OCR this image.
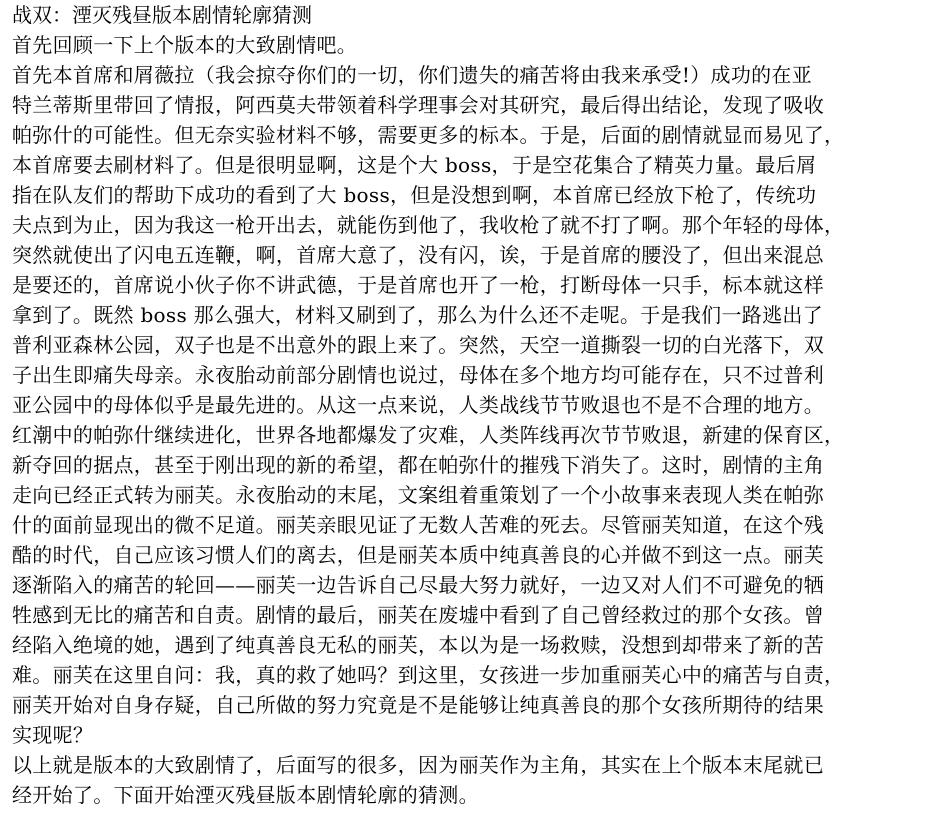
战双：湮灭残昼版本剧情轮廓猜测
首先回顾一下上个版本的大致剧情吧。
首先本首席和屑薇拉（我会掠夺你们的一切，你们遗失的痛苦将由我来承受!）成功的在亚
特兰蒂斯里带回了情报，阿西莫夫带领着科学理事会对其研究，最后得出结论，发现了吸收
帕弥什的可能性。但无奈实验材料不够，需要更多的标本。于是，后面的剧情就显而易见了，
本首席要去刷材料了。但是很明显啊，这是个大 boss，于是空花集合了精英力量。最后屑
指在队友们的帮助下成功的看到了大 boss，但是没想到啊，本首席已经放下枪了，传统功
夫点到为止，因为我这一枪开出去，就能伤到他了，我收枪了就不打了啊。那个年轻的母体，
突然就使出了闪电五连鞭，啊，首席大意了，没有闪，诶，于是首席的腰没了，但出来混总
是要还的，首席说小伙子你不讲武德，于是首席也开了一枪，打断母体一只手，标本就这样
拿到了。既然 boss 那么强大，材料又刷到了，那么为什么还不走呢。于是我们一路逃出了
普利亚森林公园，双子也是不出意外的跟上来了。突然，天空一道撕裂一切的白光落下，双
子出生即痛失母亲。永夜胎动前部分剧情也说过，母体在多个地方均可能存在，只不过普利
亚公园中的母体似乎是最先进的。从这一点来说，人类战线节节败退也不是不合理的地方。
红潮中的帕弥什继续进化，世界各地都爆发了灾难，人类阵线再次节节败退，新建的保育区，
新夺回的据点，甚至于刚出现的新的希望，都在帕弥什的摧残下消失了。这时，剧情的主角
走向已经正式转为丽芙。永夜胎动的末尾，文案组着重策划了一个小故事来表现人类在帕弥
什的面前显现出的微不足道。丽芙亲眼见证了无数人苦难的死去。尽管丽芙知道，在这个残
酷的时代，自己应该习惯人们的离去，但是丽芙本质中纯真善良的心并做不到这一点。丽芙
逐渐陷入的痛苦的轮回——丽芙一边告诉自己尽最大努力就好，一边又对人们不可避免的牺
牲感到无比的痛苦和自责。剧情的最后，丽芙在废墟中看到了自己曾经救过的那个女孩。曾
经陷入绝境的她，遇到了纯真善良无私的丽芙，本以为是一场救赎，没想到却带来了新的苦
难。丽芙在这里自问：我，真的救了她吗？到这里，女孩进一步加重丽芙心中的痛苦与自责，
丽芙开始对自身存疑，自己所做的努力究竟是不是能够让纯真善良的那个女孩所期待的结果
实现呢？
以上就是版本的大致剧情了，后面写的很多，因为丽芙作为主角，其实在上个版本末尾就已
经开始了。下面开始湮灭残昼版本剧情轮廓的猜测。
